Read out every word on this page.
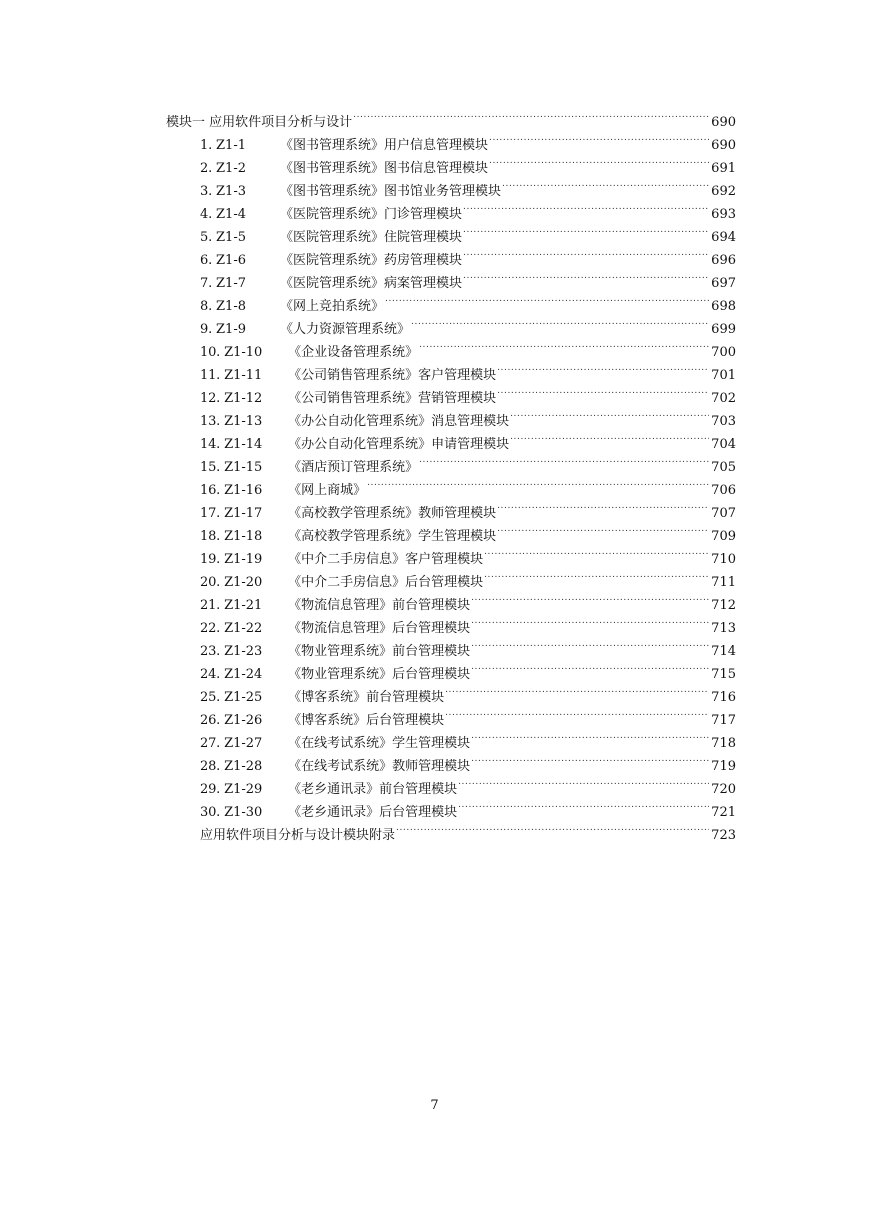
模块一 应用软件项目分析与设计 .....	690
1. Z1-1	《图书管理系统》用户信息管理模块 .....	690
2. Z1-2	《图书管理系统》图书信息管理模块 .....	691
3. Z1-3	《图书管理系统》图书馆业务管理模块 .....	692
4. Z1-4	《医院管理系统》门诊管理模块 .....	693
5. Z1-5	《医院管理系统》住院管理模块 .....	694
6. Z1-6	《医院管理系统》药房管理模块 .....	696
7. Z1-7	《医院管理系统》病案管理模块 .....	697
8. Z1-8	《网上竞拍系统》 .....	698
9. Z1-9	《人力资源管理系统》 .....	699
10. Z1-10	《企业设备管理系统》 .....	700
11. Z1-11	《公司销售管理系统》客户管理模块 .....	701
12. Z1-12	《公司销售管理系统》营销管理模块 .....	702
13. Z1-13	《办公自动化管理系统》消息管理模块 .....	703
14. Z1-14	《办公自动化管理系统》申请管理模块 .....	704
15. Z1-15	《酒店预订管理系统》 .....	705
16. Z1-16	《网上商城》 .....	706
17. Z1-17	《高校教学管理系统》教师管理模块 .....	707
18. Z1-18	《高校教学管理系统》学生管理模块 .....	709
19. Z1-19	《中介二手房信息》客户管理模块 .....	710
20. Z1-20	《中介二手房信息》后台管理模块 .....	711
21. Z1-21	《物流信息管理》前台管理模块 .....	712
22. Z1-22	《物流信息管理》后台管理模块 .....	713
23. Z1-23	《物业管理系统》前台管理模块 .....	714
24. Z1-24	《物业管理系统》后台管理模块 .....	715
25. Z1-25	《博客系统》前台管理模块 .....	716
26. Z1-26	《博客系统》后台管理模块 .....	717
27. Z1-27	《在线考试系统》学生管理模块 .....	718
28. Z1-28	《在线考试系统》教师管理模块 .....	719
29. Z1-29	《老乡通讯录》前台管理模块 .....	720
30. Z1-30	《老乡通讯录》后台管理模块 .....	721
应用软件项目分析与设计模块附录 .....	723
7
